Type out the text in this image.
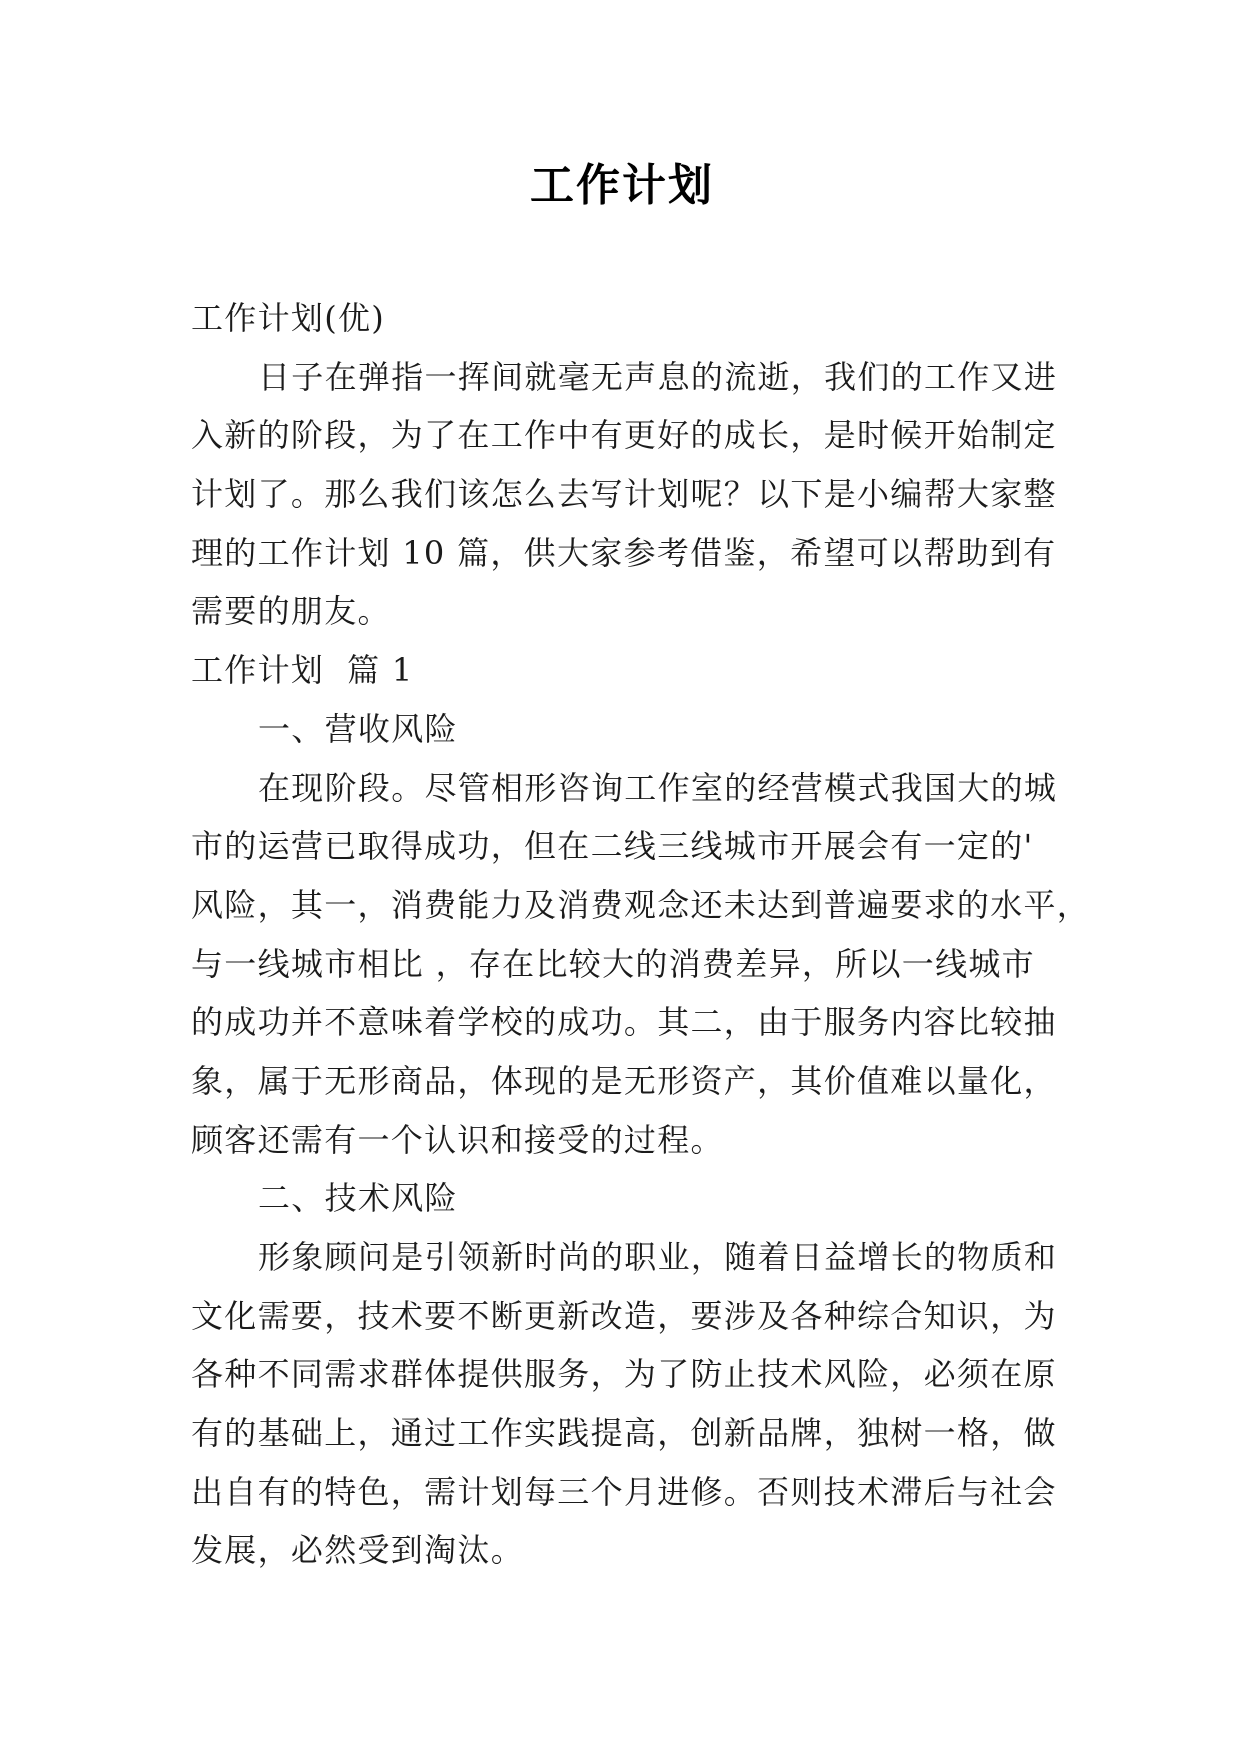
工作计划
工作计划(优)
日子在弹指一挥间就毫无声息的流逝，我们的工作又进
入新的阶段，为了在工作中有更好的成长，是时候开始制定
计划了。那么我们该怎么去写计划呢？以下是小编帮大家整
理的工作计划 10 篇，供大家参考借鉴，希望可以帮助到有
需要的朋友。
工作计划  篇 1
一、营收风险
在现阶段。尽管相形咨询工作室的经营模式我国大的城
市的运营已取得成功，但在二线三线城市开展会有一定的'
风险，其一，消费能力及消费观念还未达到普遍要求的水平，
与一线城市相比 ，存在比较大的消费差异，所以一线城市
的成功并不意味着学校的成功。其二，由于服务内容比较抽
象，属于无形商品，体现的是无形资产，其价值难以量化，
顾客还需有一个认识和接受的过程。
二、技术风险
形象顾问是引领新时尚的职业，随着日益增长的物质和
文化需要，技术要不断更新改造，要涉及各种综合知识，为
各种不同需求群体提供服务，为了防止技术风险，必须在原
有的基础上，通过工作实践提高，创新品牌，独树一格，做
出自有的特色，需计划每三个月进修。否则技术滞后与社会
发展，必然受到淘汰。
